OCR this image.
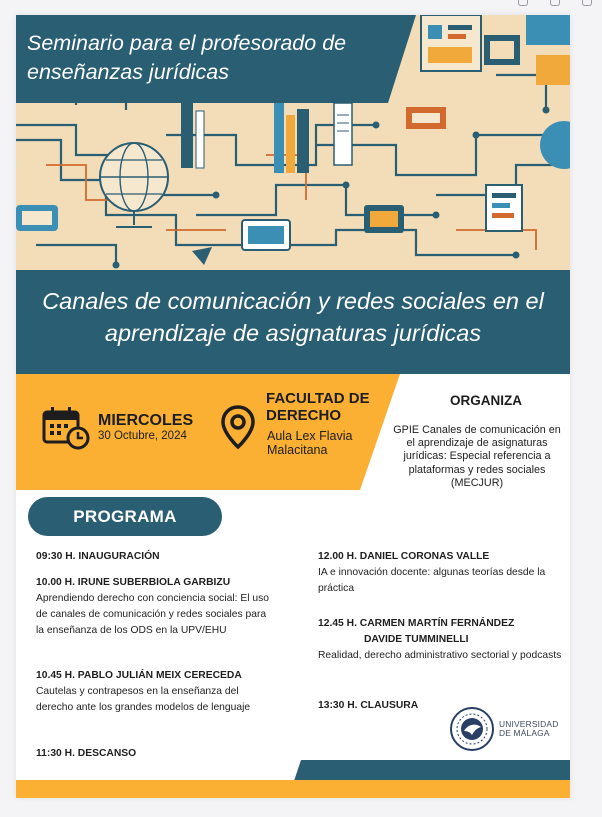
Seminario para el profesorado de enseñanzas jurídicas
Canales de comunicación y redes sociales en el aprendizaje de asignaturas jurídicas
MIERCOLES
30 Octubre, 2024
FACULTAD DE DERECHO
Aula Lex Flavia Malacitana
ORGANIZA
GPIE Canales de comunicación en el aprendizaje de asignaturas jurídicas: Especial referencia a plataformas y redes sociales (MECJUR)
PROGRAMA
09:30 H. INAUGURACIÓN
10.00 H. IRUNE SUBERBIOLA GARBIZU
Aprendiendo derecho con conciencia social: El uso de canales de comunicación y redes sociales para la enseñanza de los ODS en la UPV/EHU
10.45 H. PABLO JULIÁN MEIX CERECEDA
Cautelas y contrapesos en la enseñanza del derecho ante los grandes modelos de lenguaje
11:30 H. DESCANSO
12.00 H. DANIEL CORONAS VALLE
IA e innovación docente: algunas teorías desde la práctica
12.45 H. CARMEN MARTÍN FERNÁNDEZ
DAVIDE TUMMINELLI
Realidad, derecho administrativo sectorial y podcasts
13:30 H. CLAUSURA
UNIVERSIDAD
DE MÁLAGA
